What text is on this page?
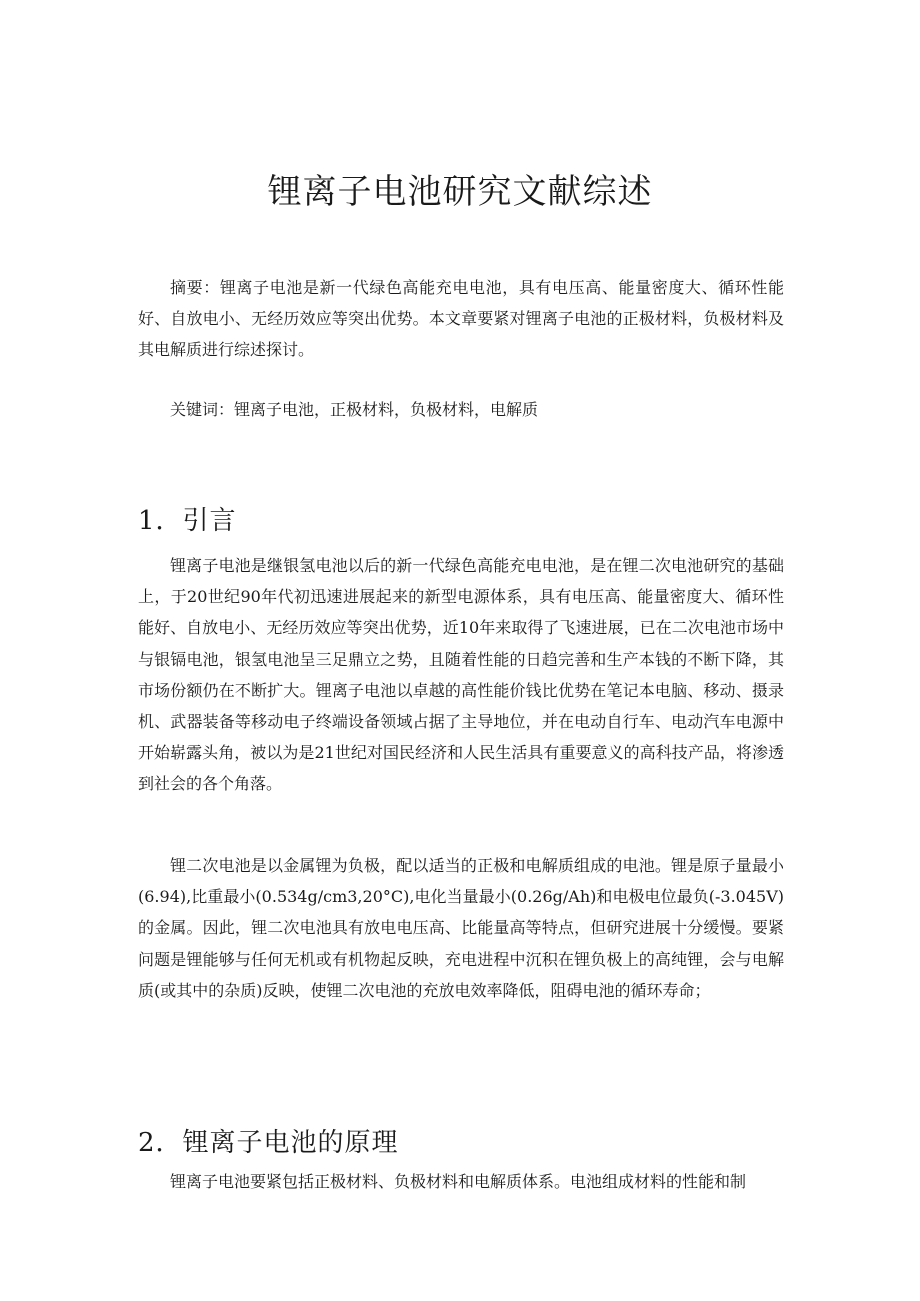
锂离子电池研究文献综述

摘要：锂离子电池是新一代绿色高能充电电池，具有电压高、能量密度大、循环性能好、自放电小、无经历效应等突出优势。本文章要紧对锂离子电池的正极材料，负极材料及其电解质进行综述探讨。

关键词：锂离子电池，正极材料，负极材料，电解质

1．引言

锂离子电池是继银氢电池以后的新一代绿色高能充电电池，是在锂二次电池研究的基础上，于20世纪90年代初迅速进展起来的新型电源体系，具有电压高、能量密度大、循环性能好、自放电小、无经历效应等突出优势，近10年来取得了飞速进展，已在二次电池市场中与银镉电池，银氢电池呈三足鼎立之势，且随着性能的日趋完善和生产本钱的不断下降，其市场份额仍在不断扩大。锂离子电池以卓越的高性能价钱比优势在笔记本电脑、移动、摄录机、武器装备等移动电子终端设备领域占据了主导地位，并在电动自行车、电动汽车电源中开始崭露头角，被以为是21世纪对国民经济和人民生活具有重要意义的高科技产品，将渗透到社会的各个角落。

锂二次电池是以金属锂为负极，配以适当的正极和电解质组成的电池。锂是原子量最小(6.94),比重最小(0.534g/cm3,20°C),电化当量最小(0.26g/Ah)和电极电位最负(-3.045V)的金属。因此，锂二次电池具有放电电压高、比能量高等特点，但研究进展十分缓慢。要紧问题是锂能够与任何无机或有机物起反映，充电进程中沉积在锂负极上的高纯锂，会与电解质(或其中的杂质)反映，使锂二次电池的充放电效率降低，阻碍电池的循环寿命；

2．锂离子电池的原理

锂离子电池要紧包括正极材料、负极材料和电解质体系。电池组成材料的性能和制
